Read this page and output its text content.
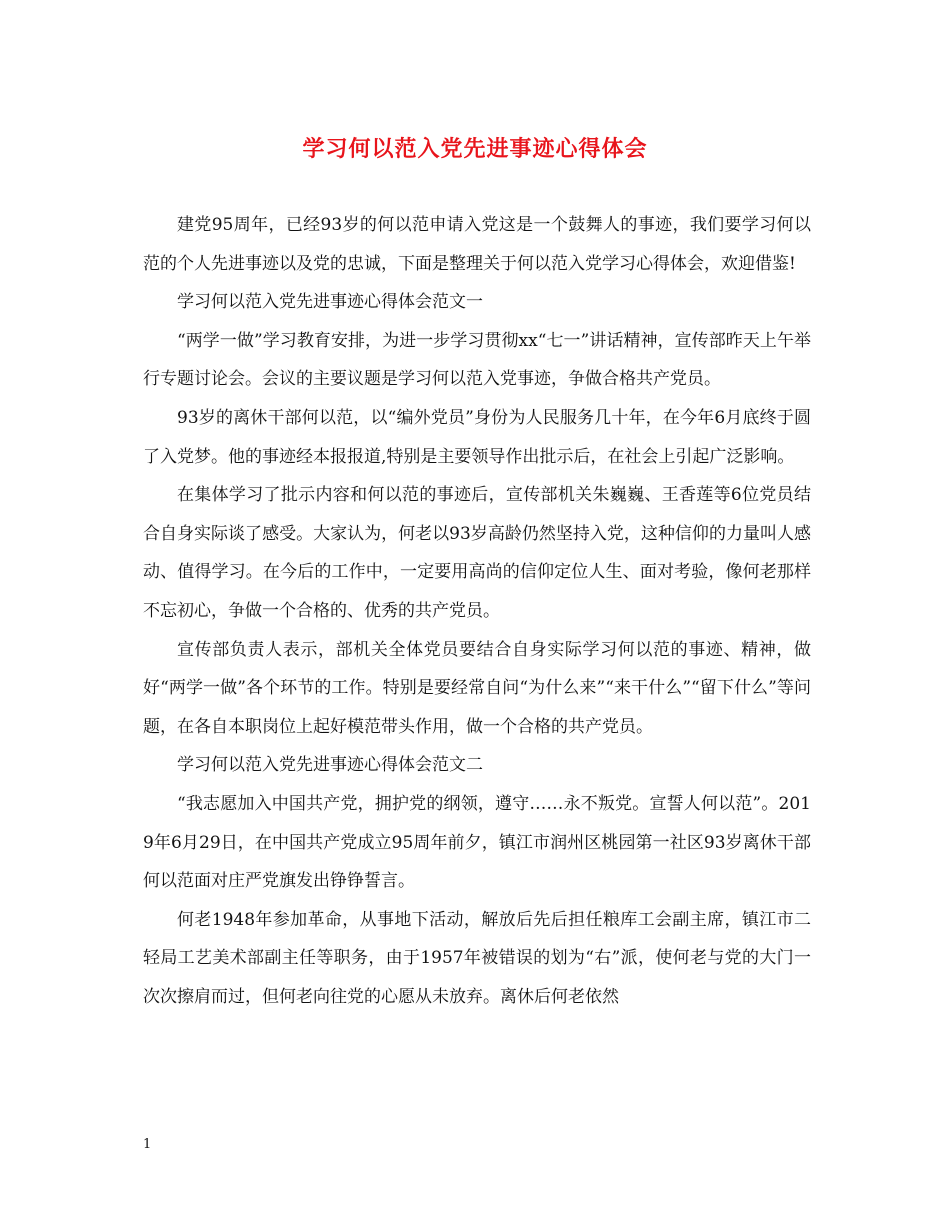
学习何以范入党先进事迹心得体会

建党95周年，已经93岁的何以范申请入党这是一个鼓舞人的事迹，我们要学习何以范的个人先进事迹以及党的忠诚，下面是整理关于何以范入党学习心得体会，欢迎借鉴!

学习何以范入党先进事迹心得体会范文一

“两学一做”学习教育安排，为进一步学习贯彻xx“七一”讲话精神，宣传部昨天上午举行专题讨论会。会议的主要议题是学习何以范入党事迹，争做合格共产党员。

93岁的离休干部何以范，以“编外党员”身份为人民服务几十年，在今年6月底终于圆了入党梦。他的事迹经本报报道,特别是主要领导作出批示后，在社会上引起广泛影响。

在集体学习了批示内容和何以范的事迹后，宣传部机关朱巍巍、王香莲等6位党员结合自身实际谈了感受。大家认为，何老以93岁高龄仍然坚持入党，这种信仰的力量叫人感动、值得学习。在今后的工作中，一定要用高尚的信仰定位人生、面对考验，像何老那样不忘初心，争做一个合格的、优秀的共产党员。

宣传部负责人表示，部机关全体党员要结合自身实际学习何以范的事迹、精神，做好“两学一做”各个环节的工作。特别是要经常自问“为什么来”“来干什么”“留下什么”等问题，在各自本职岗位上起好模范带头作用，做一个合格的共产党员。

学习何以范入党先进事迹心得体会范文二

“我志愿加入中国共产党，拥护党的纲领，遵守……永不叛党。宣誓人何以范”。2019年6月29日，在中国共产党成立95周年前夕，镇江市润州区桃园第一社区93岁离休干部何以范面对庄严党旗发出铮铮誓言。

何老1948年参加革命，从事地下活动，解放后先后担任粮库工会副主席，镇江市二轻局工艺美术部副主任等职务，由于1957年被错误的划为“右”派，使何老与党的大门一次次擦肩而过，但何老向往党的心愿从未放弃。离休后何老依然

1
